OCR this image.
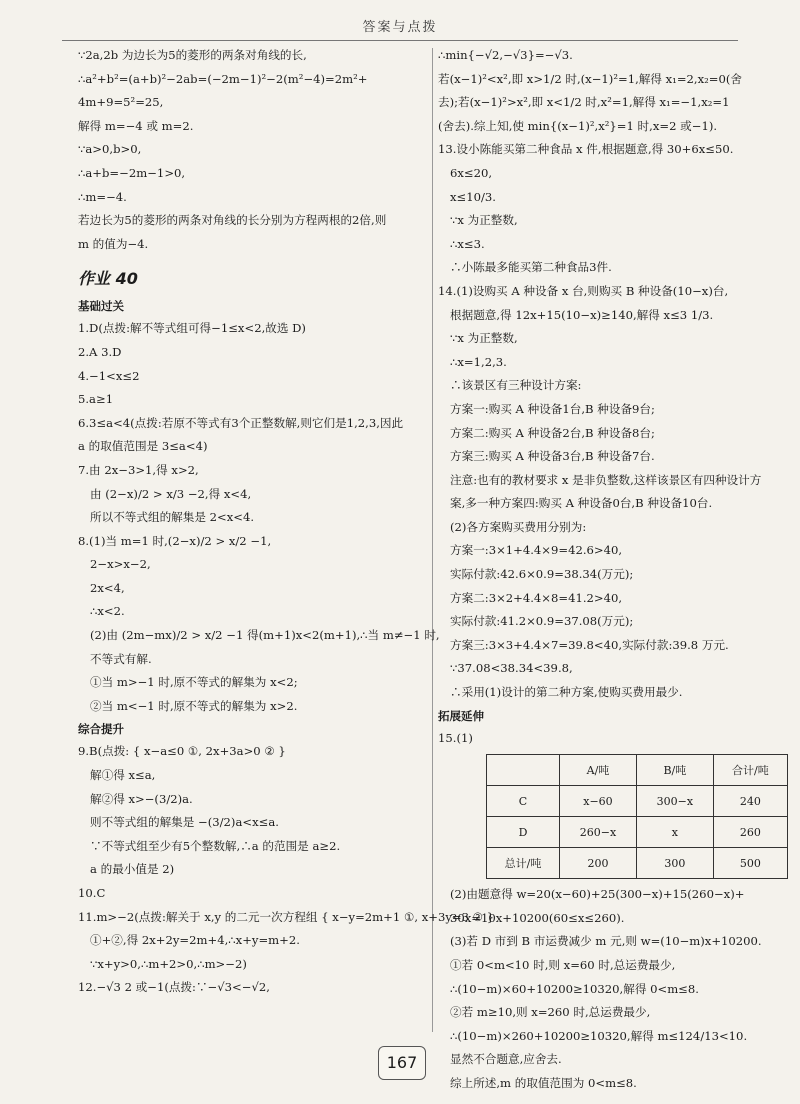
答案与点拨
∵2a,2b 为边长为5的菱形的两条对角线的长,
∴a²+b²=(a+b)²−2ab=(−2m−1)²−2(m²−4)=2m²+
4m+9=5²=25,
解得 m=−4 或 m=2.
∵a>0,b>0,
∴a+b=−2m−1>0,
∴m=−4.
若边长为5的菱形的两条对角线的长分别为方程两根的2倍,则
m 的值为−4.
作业 40
基础过关
1.D(点拨:解不等式组可得−1≤x<2,故选 D)
2.A 3.D
4.−1<x≤2
5.a≥1
6.3≤a<4(点拨:若原不等式有3个正整数解,则它们是1,2,3,因此
a 的取值范围是 3≤a<4)
7.由 2x−3>1,得 x>2,
由 (2−x)/2 > x/3 −2,得 x<4,
所以不等式组的解集是 2<x<4.
8.(1)当 m=1 时,(2−x)/2 > x/2 −1,
2−x>x−2,
2x<4,
∴x<2.
(2)由 (2m−mx)/2 > x/2 −1 得(m+1)x<2(m+1),∴当 m≠−1 时,
不等式有解.
①当 m>−1 时,原不等式的解集为 x<2;
②当 m<−1 时,原不等式的解集为 x>2.
综合提升
9.B(点拨: { x−a≤0 ①, 2x+3a>0 ② }
解①得 x≤a,
解②得 x>−(3/2)a.
则不等式组的解集是 −(3/2)a<x≤a.
∵不等式组至少有5个整数解,∴a 的范围是 a≥2.
a 的最小值是 2)
10.C
11.m>−2(点拨:解关于 x,y 的二元一次方程组 { x−y=2m+1 ①, x+3y=3 ② }
①+②,得 2x+2y=2m+4,∴x+y=m+2.
∵x+y>0,∴m+2>0,∴m>−2)
12.−√3 2 或−1(点拨:∵−√3<−√2,
∴min{−√2,−√3}=−√3.
若(x−1)²<x²,即 x>1/2 时,(x−1)²=1,解得 x₁=2,x₂=0(舍
去);若(x−1)²>x²,即 x<1/2 时,x²=1,解得 x₁=−1,x₂=1
(舍去).综上知,使 min{(x−1)²,x²}=1 时,x=2 或−1).
13.设小陈能买第二种食品 x 件,根据题意,得 30+6x≤50.
6x≤20,
x≤10/3.
∵x 为正整数,
∴x≤3.
∴小陈最多能买第二种食品3件.
14.(1)设购买 A 种设备 x 台,则购买 B 种设备(10−x)台,
根据题意,得 12x+15(10−x)≥140,解得 x≤3 1/3.
∵x 为正整数,
∴x=1,2,3.
∴该景区有三种设计方案:
方案一:购买 A 种设备1台,B 种设备9台;
方案二:购买 A 种设备2台,B 种设备8台;
方案三:购买 A 种设备3台,B 种设备7台.
注意:也有的教材要求 x 是非负整数,这样该景区有四种设计方
案,多一种方案四:购买 A 种设备0台,B 种设备10台.
(2)各方案购买费用分别为:
方案一:3×1+4.4×9=42.6>40,
实际付款:42.6×0.9=38.34(万元);
方案二:3×2+4.4×8=41.2>40,
实际付款:41.2×0.9=37.08(万元);
方案三:3×3+4.4×7=39.8<40,实际付款:39.8 万元.
∵37.08<38.34<39.8,
∴采用(1)设计的第二种方案,使购买费用最少.
拓展延伸
15.(1)
	A/吨	B/吨	合计/吨
C	x−60	300−x	240
D	260−x	x	260
总计/吨	200	300	500
(2)由题意得 w=20(x−60)+25(300−x)+15(260−x)+
30x=10x+10200(60≤x≤260).
(3)若 D 市到 B 市运费减少 m 元,则 w=(10−m)x+10200.
①若 0<m<10 时,则 x=60 时,总运费最少,
∴(10−m)×60+10200≥10320,解得 0<m≤8.
②若 m≥10,则 x=260 时,总运费最少,
∴(10−m)×260+10200≥10320,解得 m≤124/13<10.
显然不合题意,应舍去.
综上所述,m 的取值范围为 0<m≤8.
167
